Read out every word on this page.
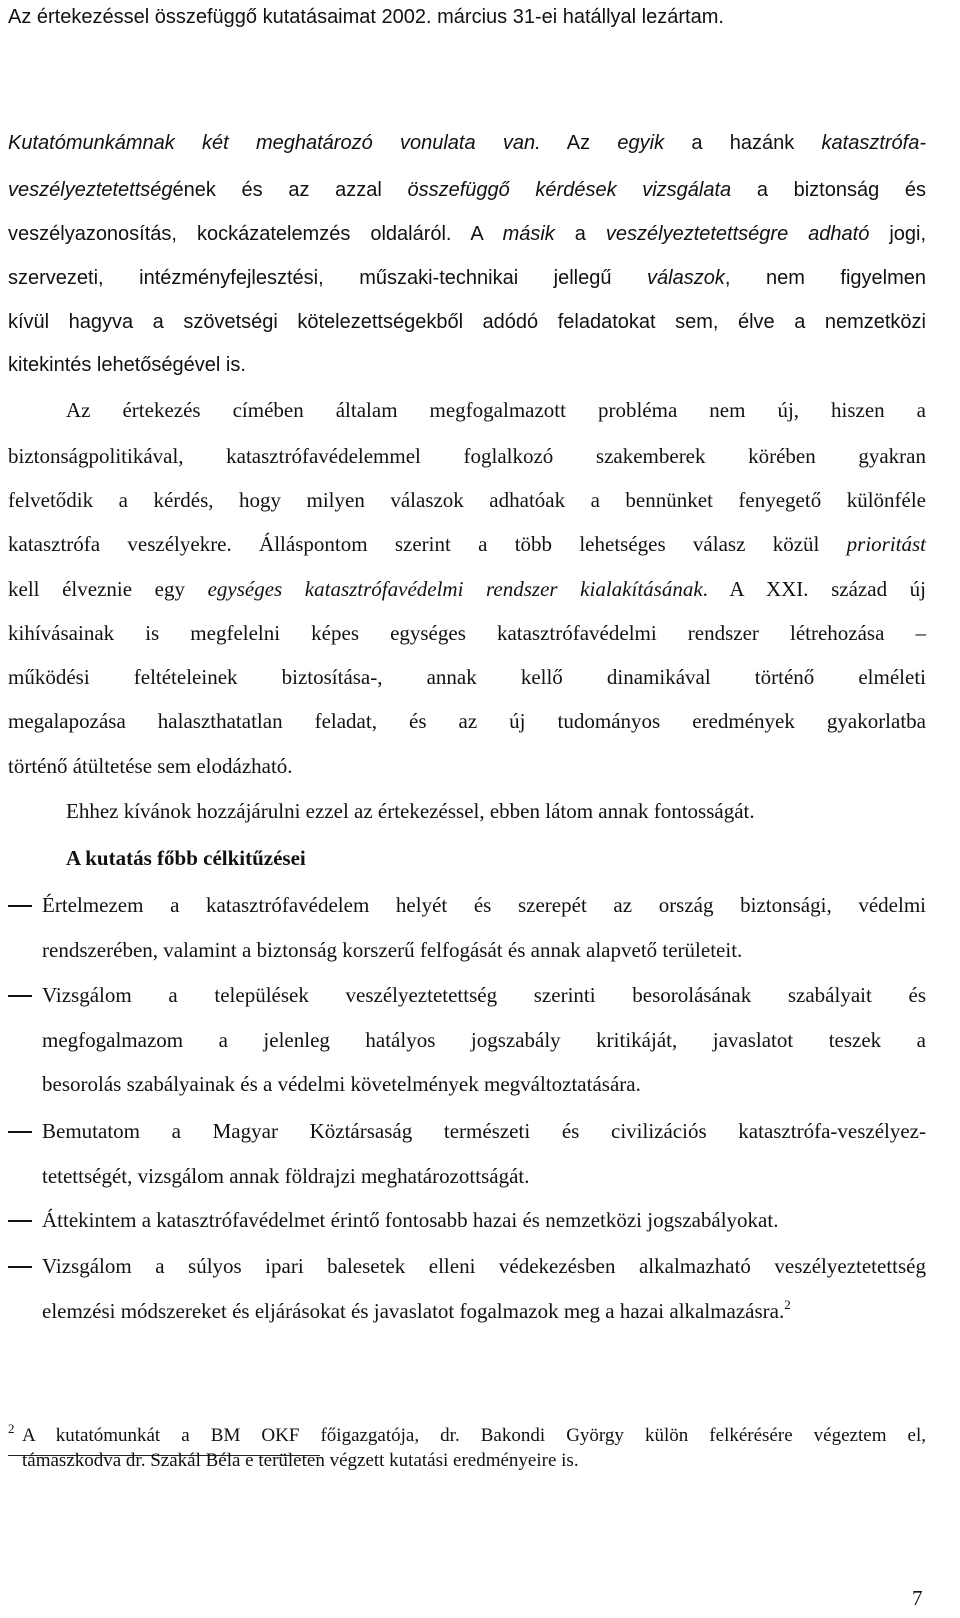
Az értekezéssel összefüggő kutatásaimat 2002. március 31-ei hatállyal lezártam.
Kutatómunkámnak két meghatározó vonulata van. Az egyik a hazánk katasztrófa-
veszélyeztetettségének és az azzal összefüggő kérdések vizsgálata a biztonság és
veszélyazonosítás, kockázatelemzés oldaláról. A másik a veszélyeztetettségre adható jogi,
szervezeti, intézményfejlesztési, műszaki-technikai jellegű válaszok, nem figyelmen
kívül hagyva a szövetségi kötelezettségekből adódó feladatokat sem, élve a nemzetközi
kitekintés lehetőségével is.
Az értekezés címében általam megfogalmazott probléma nem új, hiszen a
biztonságpolitikával, katasztrófavédelemmel foglalkozó szakemberek körében gyakran
felvetődik a kérdés, hogy milyen válaszok adhatóak a bennünket fenyegető különféle
katasztrófa veszélyekre. Álláspontom szerint a több lehetséges válasz közül prioritást
kell élveznie egy egységes katasztrófavédelmi rendszer kialakításának. A XXI. század új
kihívásainak is megfelelni képes egységes katasztrófavédelmi rendszer létrehozása –
működési feltételeinek biztosítása-, annak kellő dinamikával történő elméleti
megalapozása halaszthatatlan feladat, és az új tudományos eredmények gyakorlatba
történő átültetése sem elodázható.
Ehhez kívánok hozzájárulni ezzel az értekezéssel, ebben látom annak fontosságát.
A kutatás főbb célkitűzései
Értelmezem a katasztrófavédelem helyét és szerepét az ország biztonsági, védelmi
rendszerében, valamint a biztonság korszerű felfogását és annak alapvető területeit.
Vizsgálom a települések veszélyeztetettség szerinti besorolásának szabályait és
megfogalmazom a jelenleg hatályos jogszabály kritikáját, javaslatot teszek a
besorolás szabályainak és a védelmi követelmények megváltoztatására.
Bemutatom a Magyar Köztársaság természeti és civilizációs katasztrófa-veszélyez-
tetettségét, vizsgálom annak földrajzi meghatározottságát.
Áttekintem a katasztrófavédelmet érintő fontosabb hazai és nemzetközi jogszabályokat.
Vizsgálom a súlyos ipari balesetek elleni védekezésben alkalmazható veszélyeztetettség
elemzési módszereket és eljárásokat és javaslatot fogalmazok meg a hazai alkalmazásra.$^2$
2 A kutatómunkát a BM OKF főigazgatója, dr. Bakondi György külön felkérésére végeztem el,
támaszkodva dr. Szakál Béla e területen végzett kutatási eredményeire is.
7
